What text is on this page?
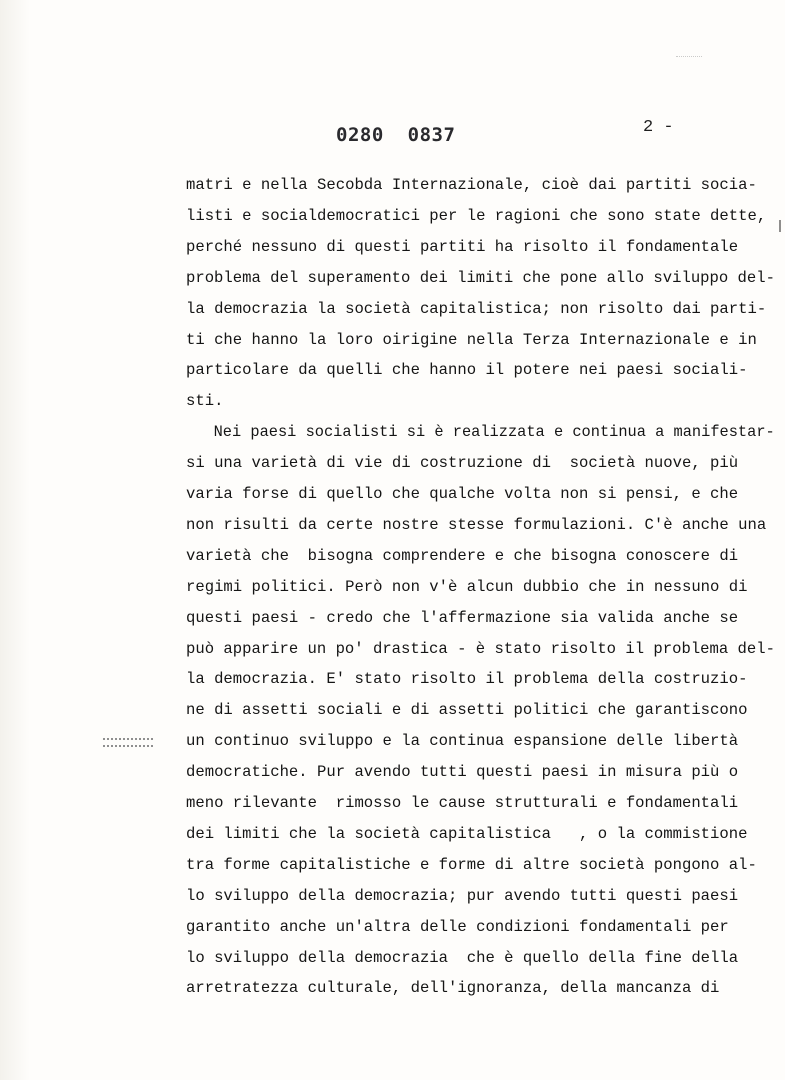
0280  0837	2 -
matri e nella Secobda Internazionale, cioè dai partiti socia-
listi e socialdemocratici per le ragioni che sono state dette,
perché nessuno di questi partiti ha risolto il fondamentale
problema del superamento dei limiti che pone allo sviluppo del-
la democrazia la società capitalistica; non risolto dai parti-
ti che hanno la loro oirigine nella Terza Internazionale e in
particolare da quelli che hanno il potere nei paesi sociali-
sti.
Nei paesi socialisti si è realizzata e continua a manifestar-
si una varietà di vie di costruzione di  società nuove, più
varia forse di quello che qualche volta non si pensi, e che
non risulti da certe nostre stesse formulazioni. C'è anche una
varietà che  bisogna comprendere e che bisogna conoscere di
regimi politici. Però non v'è alcun dubbio che in nessuno di
questi paesi - credo che l'affermazione sia valida anche se
può apparire un po' drastica - è stato risolto il problema del-
la democrazia. E' stato risolto il problema della costruzio-
ne di assetti sociali e di assetti politici che garantiscono
un continuo sviluppo e la continua espansione delle libertà
democratiche. Pur avendo tutti questi paesi in misura più o
meno rilevante  rimosso le cause strutturali e fondamentali
dei limiti che la società capitalistica   , o la commistione
tra forme capitalistiche e forme di altre società pongono al-
lo sviluppo della democrazia; pur avendo tutti questi paesi
garantito anche un'altra delle condizioni fondamentali per
lo sviluppo della democrazia  che è quello della fine della
arretratezza culturale, dell'ignoranza, della mancanza di
